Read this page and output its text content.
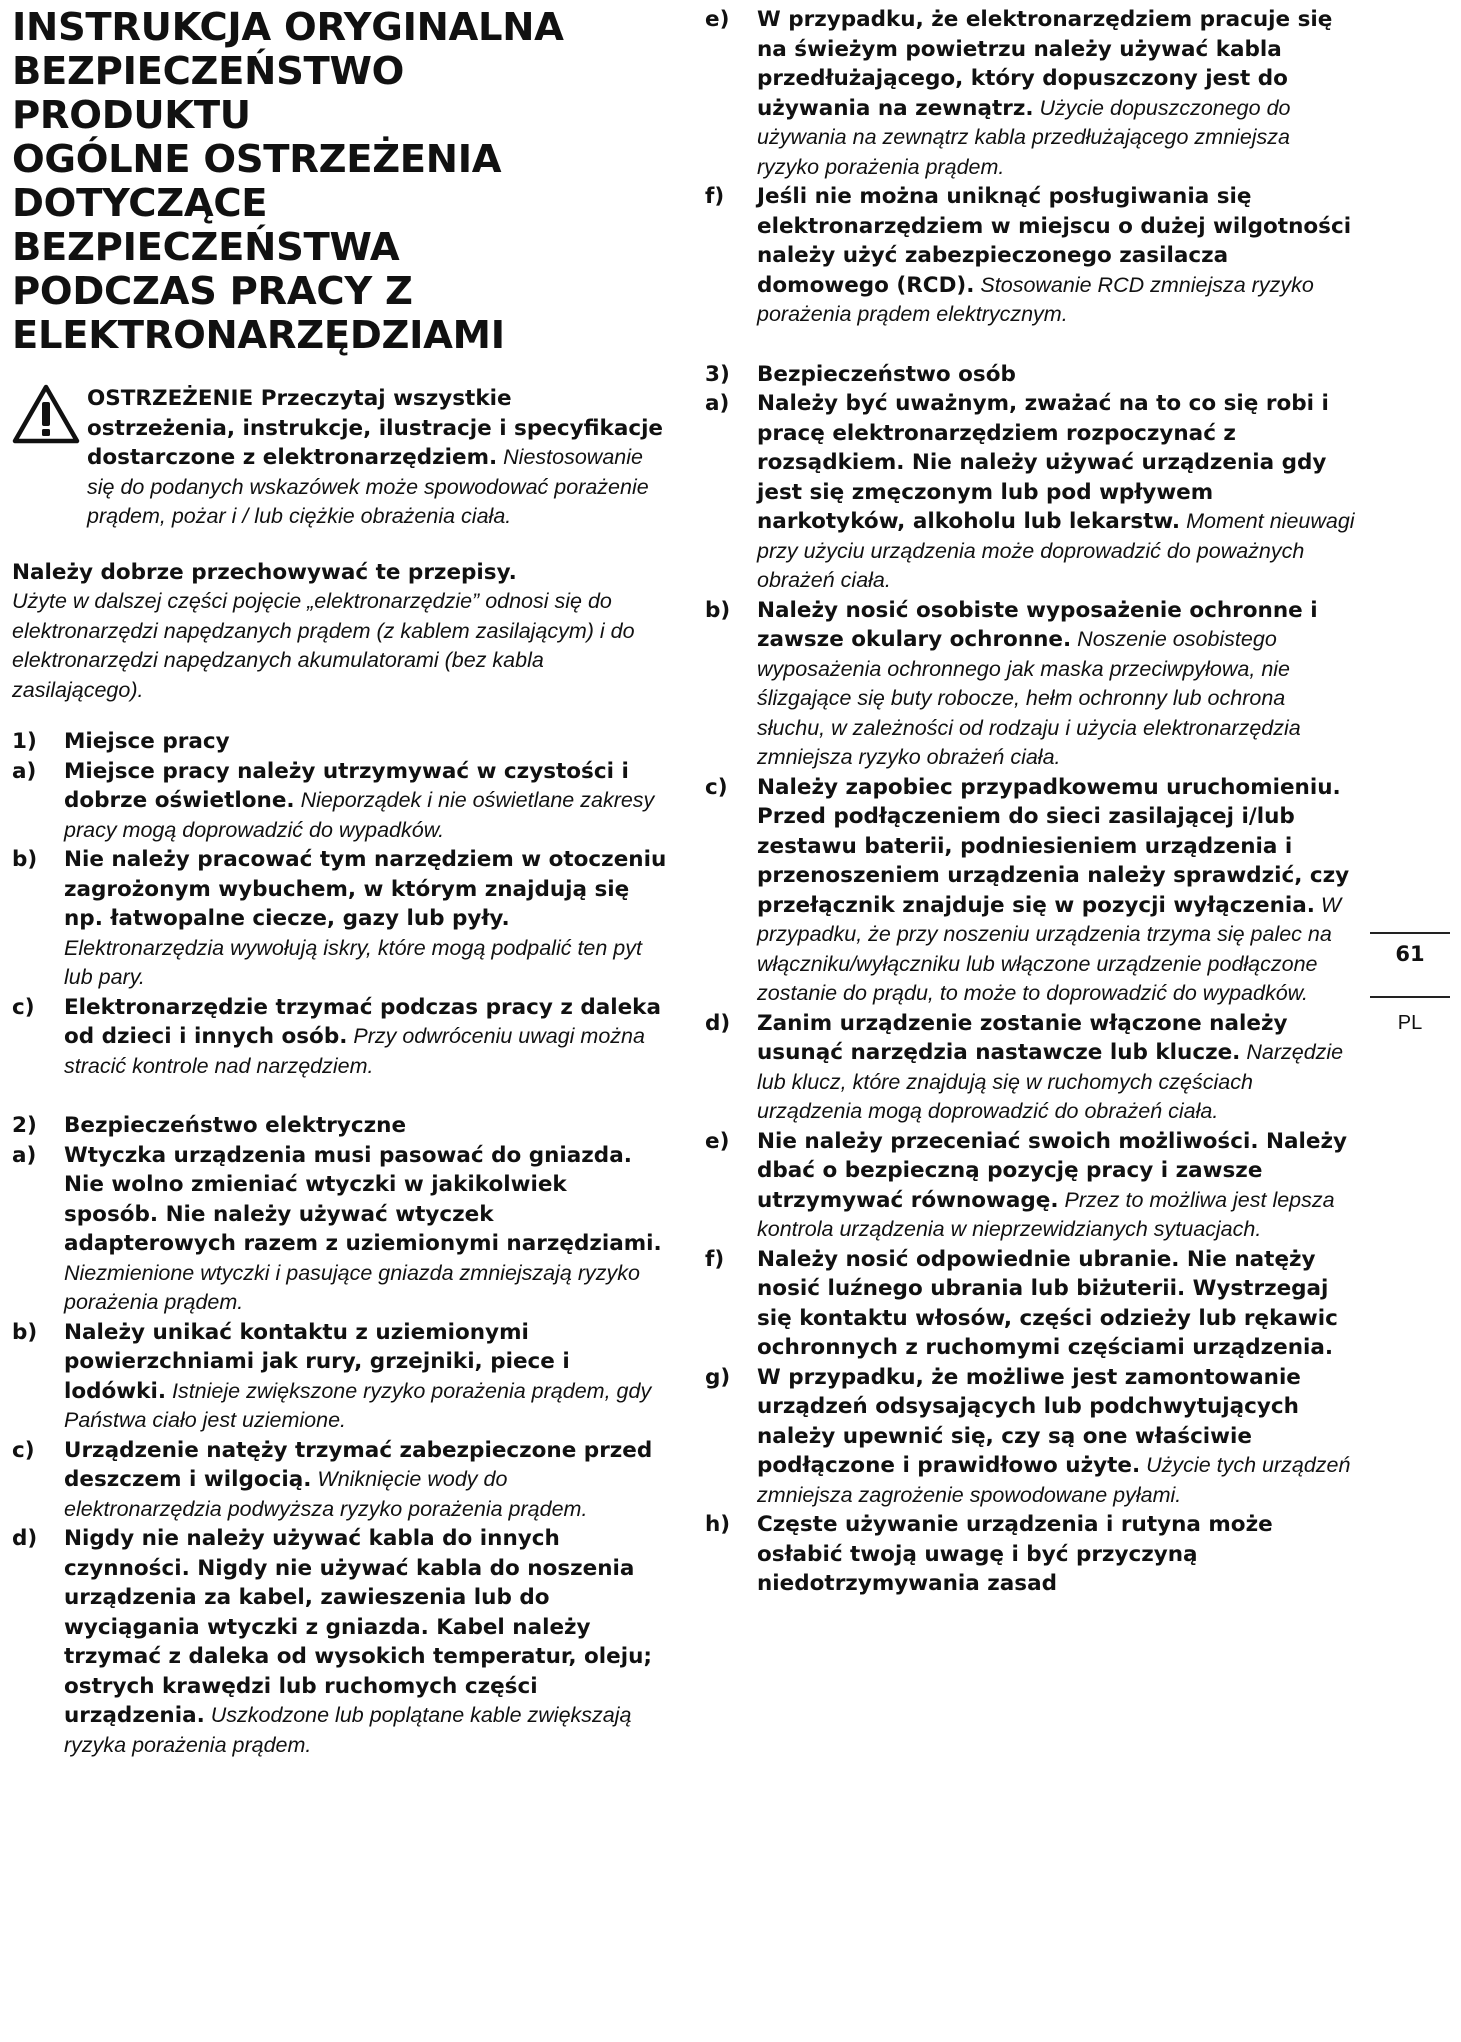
INSTRUKCJA ORYGINALNA
BEZPIECZEŃSTWO
PRODUKTU
OGÓLNE OSTRZEŻENIA
DOTYCZĄCE
BEZPIECZEŃSTWA
PODCZAS PRACY Z
ELEKTRONARZĘDZIAMI

OSTRZEŻENIE Przeczytaj wszystkie ostrzeżenia, instrukcje, ilustracje i specyfikacje dostarczone z elektronarzędziem. Niestosowanie się do podanych wskazówek może spowodować porażenie prądem, pożar i / lub ciężkie obrażenia ciała.

Należy dobrze przechowywać te przepisy.
Użyte w dalszej części pojęcie „elektronarzędzie” odnosi się do elektronarzędzi napędzanych prądem (z kablem zasilającym) i do elektronarzędzi napędzanych akumulatorami (bez kabla zasilającego).

1) Miejsce pracy

a) Miejsce pracy należy utrzymywać w czystości i dobrze oświetlone. Nieporządek i nie oświetlane zakresy pracy mogą doprowadzić do wypadków.

b) Nie należy pracować tym narzędziem w otoczeniu zagrożonym wybuchem, w którym znajdują się np. łatwopalne ciecze, gazy lub pyły. Elektronarzędzia wywołują iskry, które mogą podpalić ten pyt lub pary.

c) Elektronarzędzie trzymać podczas pracy z daleka od dzieci i innych osób. Przy odwróceniu uwagi można stracić kontrole nad narzędziem.

2) Bezpieczeństwo elektryczne

a) Wtyczka urządzenia musi pasować do gniazda. Nie wolno zmieniać wtyczki w jakikolwiek sposób. Nie należy używać wtyczek adapterowych razem z uziemionymi narzędziami. Niezmienione wtyczki i pasujące gniazda zmniejszają ryzyko porażenia prądem.

b) Należy unikać kontaktu z uziemionymi powierzchniami jak rury, grzejniki, piece i lodówki. Istnieje zwiększone ryzyko porażenia prądem, gdy Państwa ciało jest uziemione.

c) Urządzenie natęży trzymać zabezpieczone przed deszczem i wilgocią. Wniknięcie wody do elektronarzędzia podwyższa ryzyko porażenia prądem.

d) Nigdy nie należy używać kabla do innych czynności. Nigdy nie używać kabla do noszenia urządzenia za kabel, zawieszenia lub do wyciągania wtyczki z gniazda. Kabel należy trzymać z daleka od wysokich temperatur, oleju; ostrych krawędzi lub ruchomych części urządzenia. Uszkodzone lub poplątane kable zwiększają ryzyka porażenia prądem.

e) W przypadku, że elektronarzędziem pracuje się na świeżym powietrzu należy używać kabla przedłużającego, który dopuszczony jest do używania na zewnątrz. Użycie dopuszczonego do używania na zewnątrz kabla przedłużającego zmniejsza ryzyko porażenia prądem.

f) Jeśli nie można uniknąć posługiwania się elektronarzędziem w miejscu o dużej wilgotności należy użyć zabezpieczonego zasilacza domowego (RCD). Stosowanie RCD zmniejsza ryzyko porażenia prądem elektrycznym.

3) Bezpieczeństwo osób

a) Należy być uważnym, zważać na to co się robi i pracę elektronarzędziem rozpoczynać z rozsądkiem. Nie należy używać urządzenia gdy jest się zmęczonym lub pod wpływem narkotyków, alkoholu lub lekarstw. Moment nieuwagi przy użyciu urządzenia może doprowadzić do poważnych obrażeń ciała.

b) Należy nosić osobiste wyposażenie ochronne i zawsze okulary ochronne. Noszenie osobistego wyposażenia ochronnego jak maska przeciwpyłowa, nie ślizgające się buty robocze, hełm ochronny lub ochrona słuchu, w zależności od rodzaju i użycia elektronarzędzia zmniejsza ryzyko obrażeń ciała.

c) Należy zapobiec przypadkowemu uruchomieniu. Przed podłączeniem do sieci zasilającej i/lub zestawu baterii, podniesieniem urządzenia i przenoszeniem urządzenia należy sprawdzić, czy przełącznik znajduje się w pozycji wyłączenia. W przypadku, że przy noszeniu urządzenia trzyma się palec na włączniku/wyłączniku lub włączone urządzenie podłączone zostanie do prądu, to może to doprowadzić do wypadków.

d) Zanim urządzenie zostanie włączone należy usunąć narzędzia nastawcze lub klucze. Narzędzie lub klucz, które znajdują się w ruchomych częściach urządzenia mogą doprowadzić do obrażeń ciała.

e) Nie należy przeceniać swoich możliwości. Należy dbać o bezpieczną pozycję pracy i zawsze utrzymywać równowagę. Przez to możliwa jest lepsza kontrola urządzenia w nieprzewidzianych sytuacjach.

f) Należy nosić odpowiednie ubranie. Nie natęży nosić luźnego ubrania lub biżuterii. Wystrzegaj się kontaktu włosów, części odzieży lub rękawic ochronnych z ruchomymi częściami urządzenia.

g) W przypadku, że możliwe jest zamontowanie urządzeń odsysających lub podchwytujących należy upewnić się, czy są one właściwie podłączone i prawidłowo użyte. Użycie tych urządzeń zmniejsza zagrożenie spowodowane pyłami.

h) Częste używanie urządzenia i rutyna może osłabić twoją uwagę i być przyczyną niedotrzymywania zasad

61
PL
